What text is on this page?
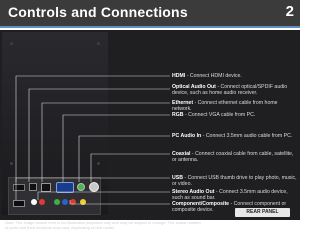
Controls and Connections	2
HDMI - Connect HDMI device.
Optical Audio Out - Connect optical/SPDIF audio device, such as home audio receiver.
Ethernet - Connect ethernet cable from home network.
RGB - Connect VGA cable from PC.
PC Audio In - Connect 3.5mm audio cable from PC.
Coaxial - Connect coaxial cable from cable, satellite, or antenna.
USB - Connect USB thumb drive to play photo, music, or video.
Stereo Audio Out - Connect 3.5mm audio device, such as sound bar.
Component/Composite - Connect component or composite device.	REAR PANEL
Note: The image shown here is for illustrative purposes only and may be subject to change. The actual number of ports and their locations may vary, depending on the model.
